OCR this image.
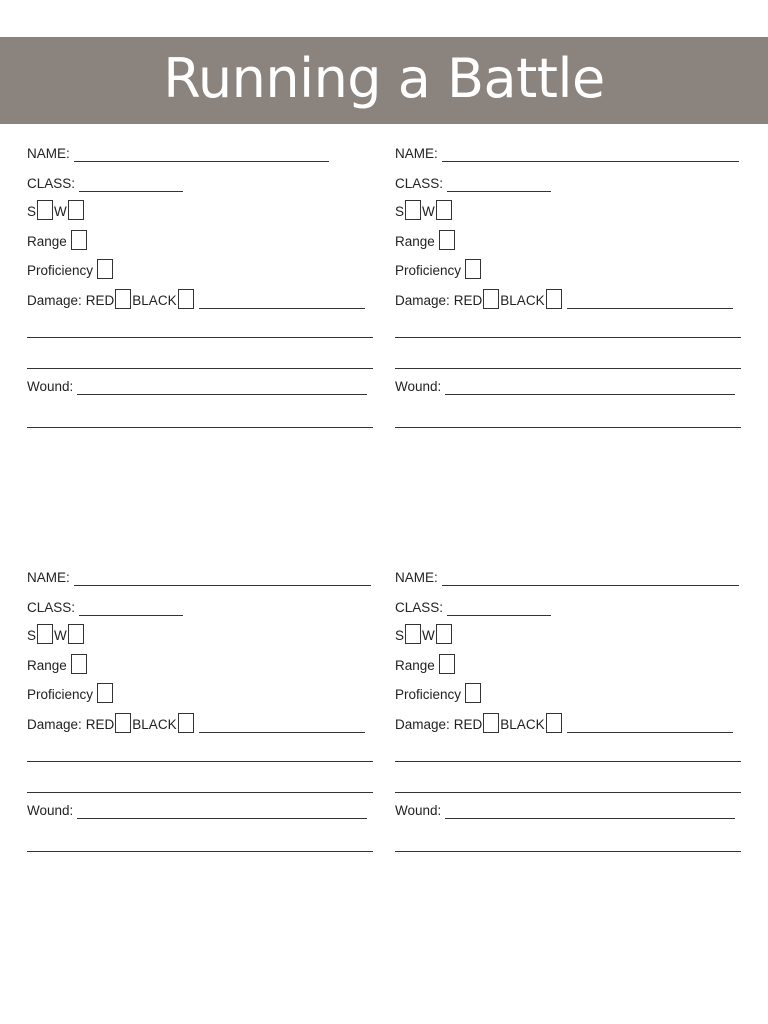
Running a Battle
NAME:
CLASS:
S W
Range
Proficiency
Damage: RED BLACK
Wound:
NAME:
CLASS:
S W
Range
Proficiency
Damage: RED BLACK
Wound:
NAME:
CLASS:
S W
Range
Proficiency
Damage: RED BLACK
Wound:
NAME:
CLASS:
S W
Range
Proficiency
Damage: RED BLACK
Wound:
